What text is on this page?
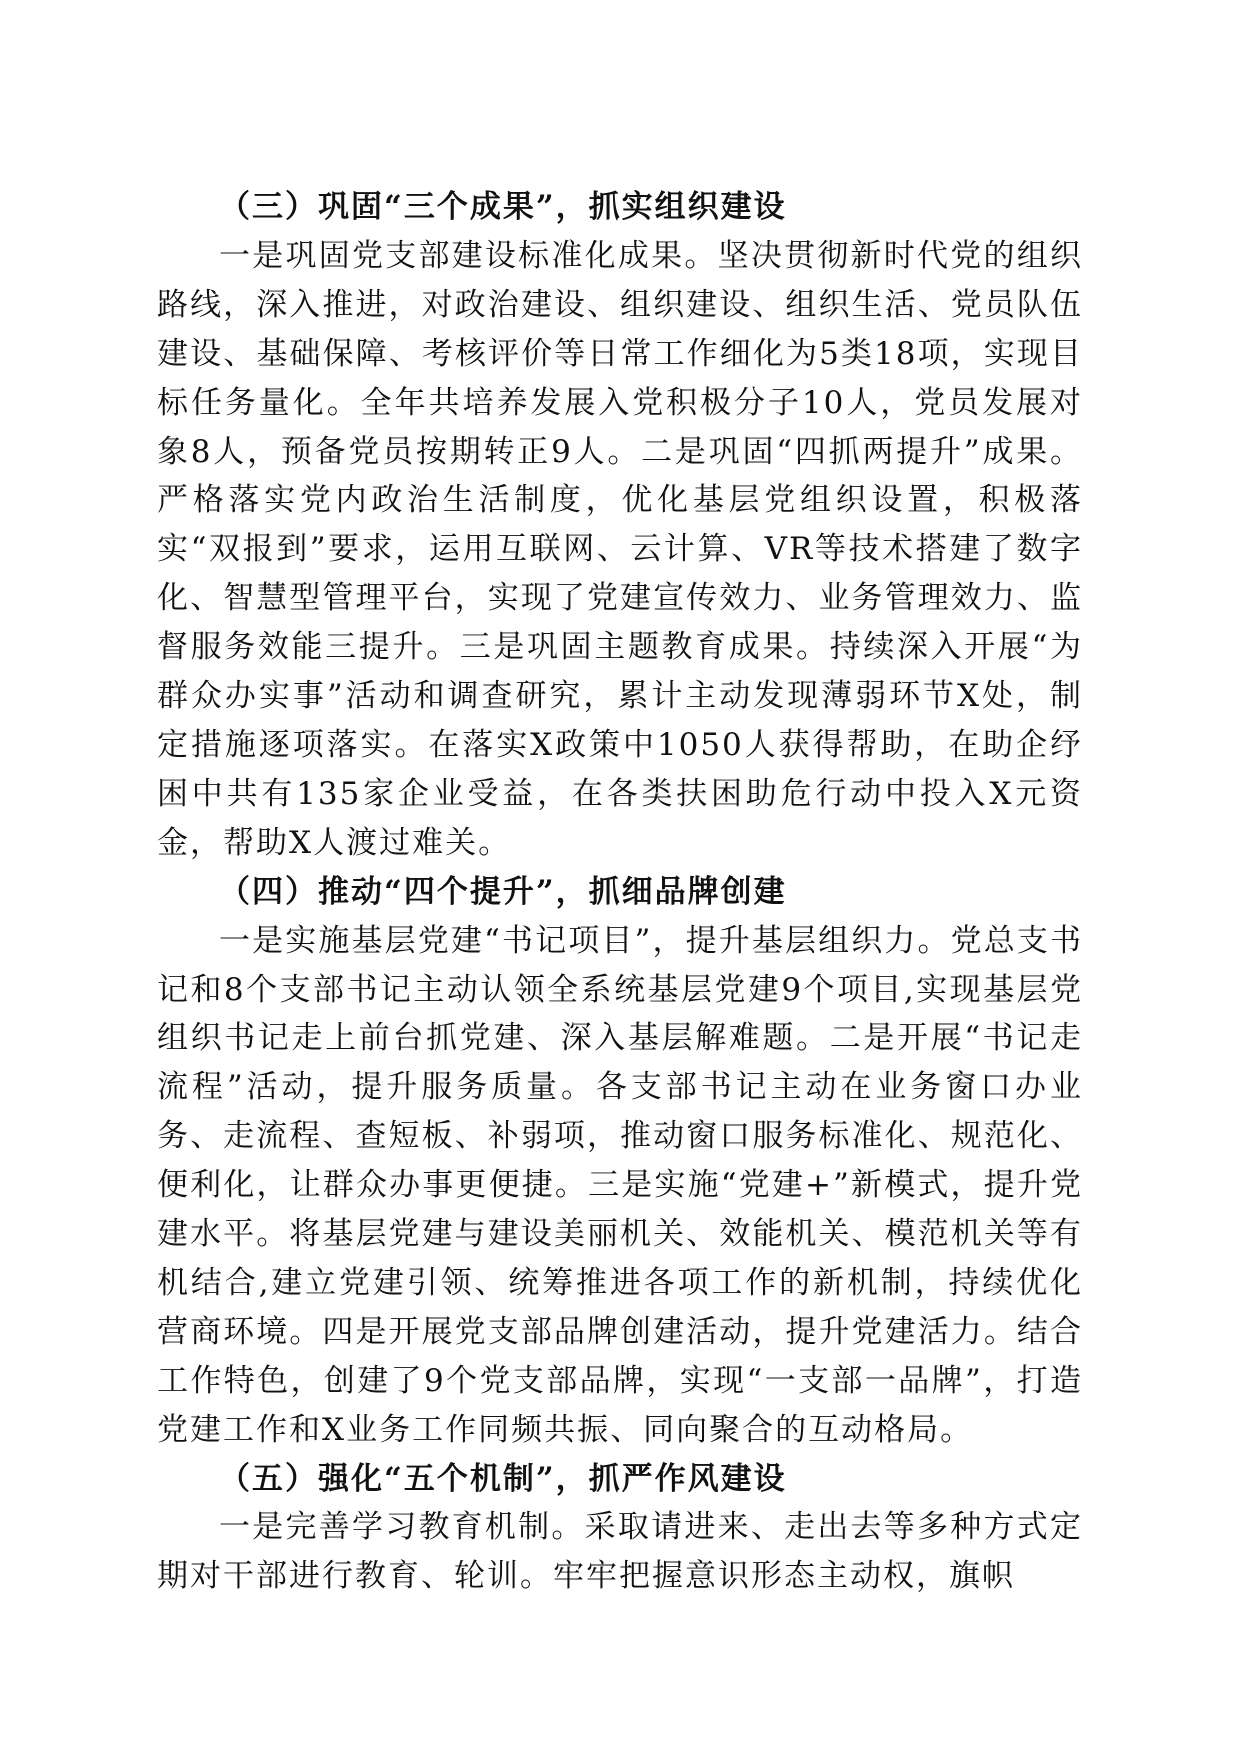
（三）巩固“三个成果”，抓实组织建设

一是巩固党支部建设标准化成果。坚决贯彻新时代党的组织路线，深入推进，对政治建设、组织建设、组织生活、党员队伍建设、基础保障、考核评价等日常工作细化为5类18项，实现目标任务量化。全年共培养发展入党积极分子10人，党员发展对象8人，预备党员按期转正9人。二是巩固“四抓两提升”成果。严格落实党内政治生活制度，优化基层党组织设置，积极落实“双报到”要求，运用互联网、云计算、VR等技术搭建了数字化、智慧型管理平台，实现了党建宣传效力、业务管理效力、监督服务效能三提升。三是巩固主题教育成果。持续深入开展“为群众办实事”活动和调查研究，累计主动发现薄弱环节X处，制定措施逐项落实。在落实X政策中1050人获得帮助，在助企纾困中共有135家企业受益，在各类扶困助危行动中投入X元资金，帮助X人渡过难关。

（四）推动“四个提升”，抓细品牌创建

一是实施基层党建“书记项目”，提升基层组织力。党总支书记和8个支部书记主动认领全系统基层党建9个项目,实现基层党组织书记走上前台抓党建、深入基层解难题。二是开展“书记走流程”活动，提升服务质量。各支部书记主动在业务窗口办业务、走流程、查短板、补弱项，推动窗口服务标准化、规范化、便利化，让群众办事更便捷。三是实施“党建+”新模式，提升党建水平。将基层党建与建设美丽机关、效能机关、模范机关等有机结合,建立党建引领、统筹推进各项工作的新机制，持续优化营商环境。四是开展党支部品牌创建活动，提升党建活力。结合工作特色，创建了9个党支部品牌，实现“一支部一品牌”，打造党建工作和X业务工作同频共振、同向聚合的互动格局。

（五）强化“五个机制”，抓严作风建设

一是完善学习教育机制。采取请进来、走出去等多种方式定期对干部进行教育、轮训。牢牢把握意识形态主动权，旗帜
